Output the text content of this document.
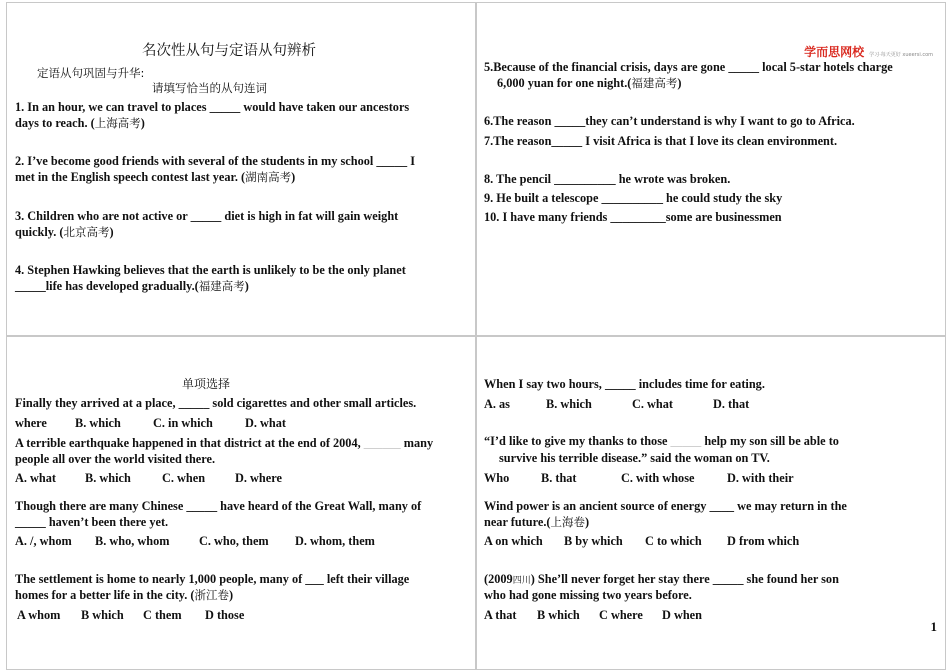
名次性从句与定语从句辨析
定语从句巩固与升华:
请填写恰当的从句连词
1. In an hour, we can travel to places _____ would have taken our ancestors
days to reach. (上海高考)
2. I’ve become good friends with several of the students in my school _____ I
met in the English speech contest last year. (湖南高考)
3. Children who are not active or _____ diet is high in fat will gain weight
quickly. (北京高考)
4. Stephen Hawking believes that the earth is unlikely to be the only planet
_____life has developed gradually.(福建高考)
学而思网校 学习·每天更好 xueersi.com
5.Because of the financial crisis, days are gone _____ local 5-star hotels charge
6,000 yuan for one night.(福建高考)
6.The reason _____they can’t understand is why I want to go to Africa.
7.The reason_____ I visit Africa is that I love its clean environment.
8. The pencil __________ he wrote was broken.
9. He built a telescope __________ he could study the sky
10. I have many friends _________some are businessmen
单项选择
Finally they arrived at a place, _____ sold cigarettes and other small articles.
where B. which	C. in which	D. what
A terrible earthquake happened in that district at the end of 2004, ______ many
people all over the world visited there.
A. what B. which	C. when D. where
Though there are many Chinese _____ have heard of the Great Wall, many of
_____ haven’t been there yet.
A. /, whom B. who, whom C. who, them D. whom, them
The settlement is home to nearly 1,000 people, many of ___ left their village
homes for a better life in the city. (浙江卷)
A whom B which C them D those
When I say two hours, _____ includes time for eating.
A. as	B. which	C. what	D. that
“I’d like to give my thanks to those _____ help my son sill be able to
survive his terrible disease.” said the woman on TV.
Who	B. that	C. with whose	D. with their
Wind power is an ancient source of energy ____ we may return in the
near future.(上海卷)
A on which B by which C to which D from which
(2009四川) She’ll never forget her stay there _____ she found her son
who had gone missing two years before.
A that B which C where D when
1
